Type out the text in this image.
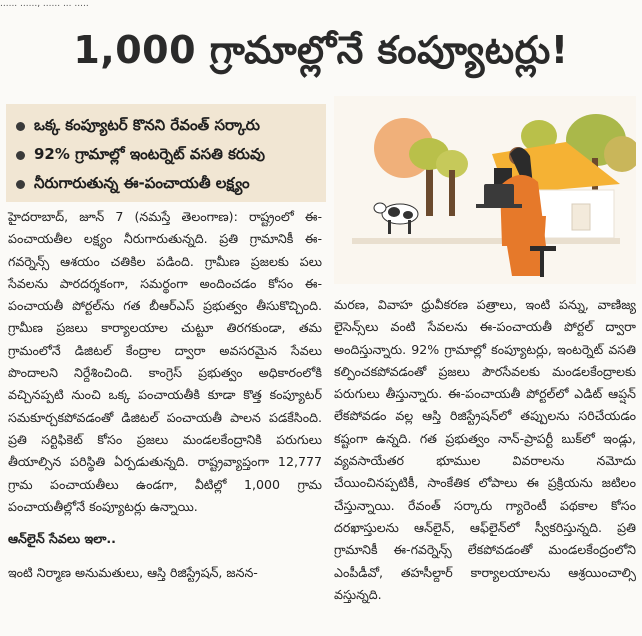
...... ......, ...... ... .....
1,000 గ్రామాల్లోనే కంప్యూటర్లు!
ఒక్క కంప్యూటర్ కొనని రేవంత్ సర్కారు
92% గ్రామాల్లో ఇంటర్నెట్ వసతి కరువు
నీరుగారుతున్న ఈ-పంచాయతీ లక్ష్యం

హైదరాబాద్, జూన్ 7 (నమస్తే తెలంగాణ): రాష్ట్రంలో ఈ-పంచాయతీల లక్ష్యం నీరుగారుతున్నది. ప్రతి గ్రామానికీ ఈ-గవర్నెన్స్ ఆశయం చతికిల పడింది. గ్రామీణ ప్రజలకు పలు సేవలను పారదర్శకంగా, సమర్థంగా అందించడం కోసం ఈ-పంచాయతీ పోర్టల్‌ను గత బీఆర్‌ఎస్ ప్రభుత్వం తీసుకొచ్చింది. గ్రామీణ ప్రజలు కార్యాలయాల చుట్టూ తిరగకుండా, తమ గ్రామంలోనే డిజిటల్ కేంద్రాల ద్వారా అవసరమైన సేవలు పొందాలని నిర్దేశించింది. కాంగ్రెస్ ప్రభుత్వం అధికారంలోకి వచ్చినప్పటి నుంచి ఒక్క పంచాయతీకి కూడా కొత్త కంప్యూటర్ సమకూర్చకపోవడంతో డిజిటల్ పంచాయతీ పాలన పడకేసింది. ప్రతి సర్టిఫికెట్ కోసం ప్రజలు మండలకేంద్రానికి పరుగులు తీయాల్సిన పరిస్థితి ఏర్పడుతున్నది. రాష్ట్రవ్యాప్తంగా 12,777 గ్రామ పంచాయతీలు ఉండగా, వీటిల్లో 1,000 గ్రామ పంచాయతీల్లోనే కంప్యూటర్లు ఉన్నాయి.

ఆన్‌లైన్ సేవలు ఇలా..

ఇంటి నిర్మాణ అనుమతులు, ఆస్తి రిజిస్ట్రేషన్, జనన-

మరణ, వివాహ ధ్రువీకరణ పత్రాలు, ఇంటి పన్ను, వాణిజ్య లైసెన్స్‌లు వంటి సేవలను ఈ-పంచాయతీ పోర్టల్ ద్వారా అందిస్తున్నారు. 92% గ్రామాల్లో కంప్యూటర్లు, ఇంటర్నెట్ వసతి కల్పించకపోవడంతో ప్రజలు పౌరసేవలకు మండలకేంద్రాలకు పరుగులు తీస్తున్నారు. ఈ-పంచాయతీ పోర్టల్‌లో ఎడిట్ ఆప్షన్ లేకపోవడం వల్ల ఆస్తి రిజిస్ట్రేషన్‌లో తప్పులను సరిచేయడం కష్టంగా ఉన్నది. గత ప్రభుత్వం నాన్-ప్రాపర్టీ బుక్‌లో ఇండ్లు, వ్యవసాయేతర భూముల వివరాలను నమోదు చేయించినప్పటికీ, సాంకేతిక లోపాలు ఈ ప్రక్రియను జటిలం చేస్తున్నాయి. రేవంత్ సర్కారు గ్యారెంటీ పథకాల కోసం దరఖాస్తులను ఆన్‌లైన్, ఆఫ్‌లైన్‌లో స్వీకరిస్తున్నది. ప్రతి గ్రామానికీ ఈ-గవర్నెన్స్ లేకపోవడంతో మండలకేంద్రంలోని ఎంపీడీవో, తహసీల్దార్ కార్యాలయాలను ఆశ్రయించాల్సి వస్తున్నది.
